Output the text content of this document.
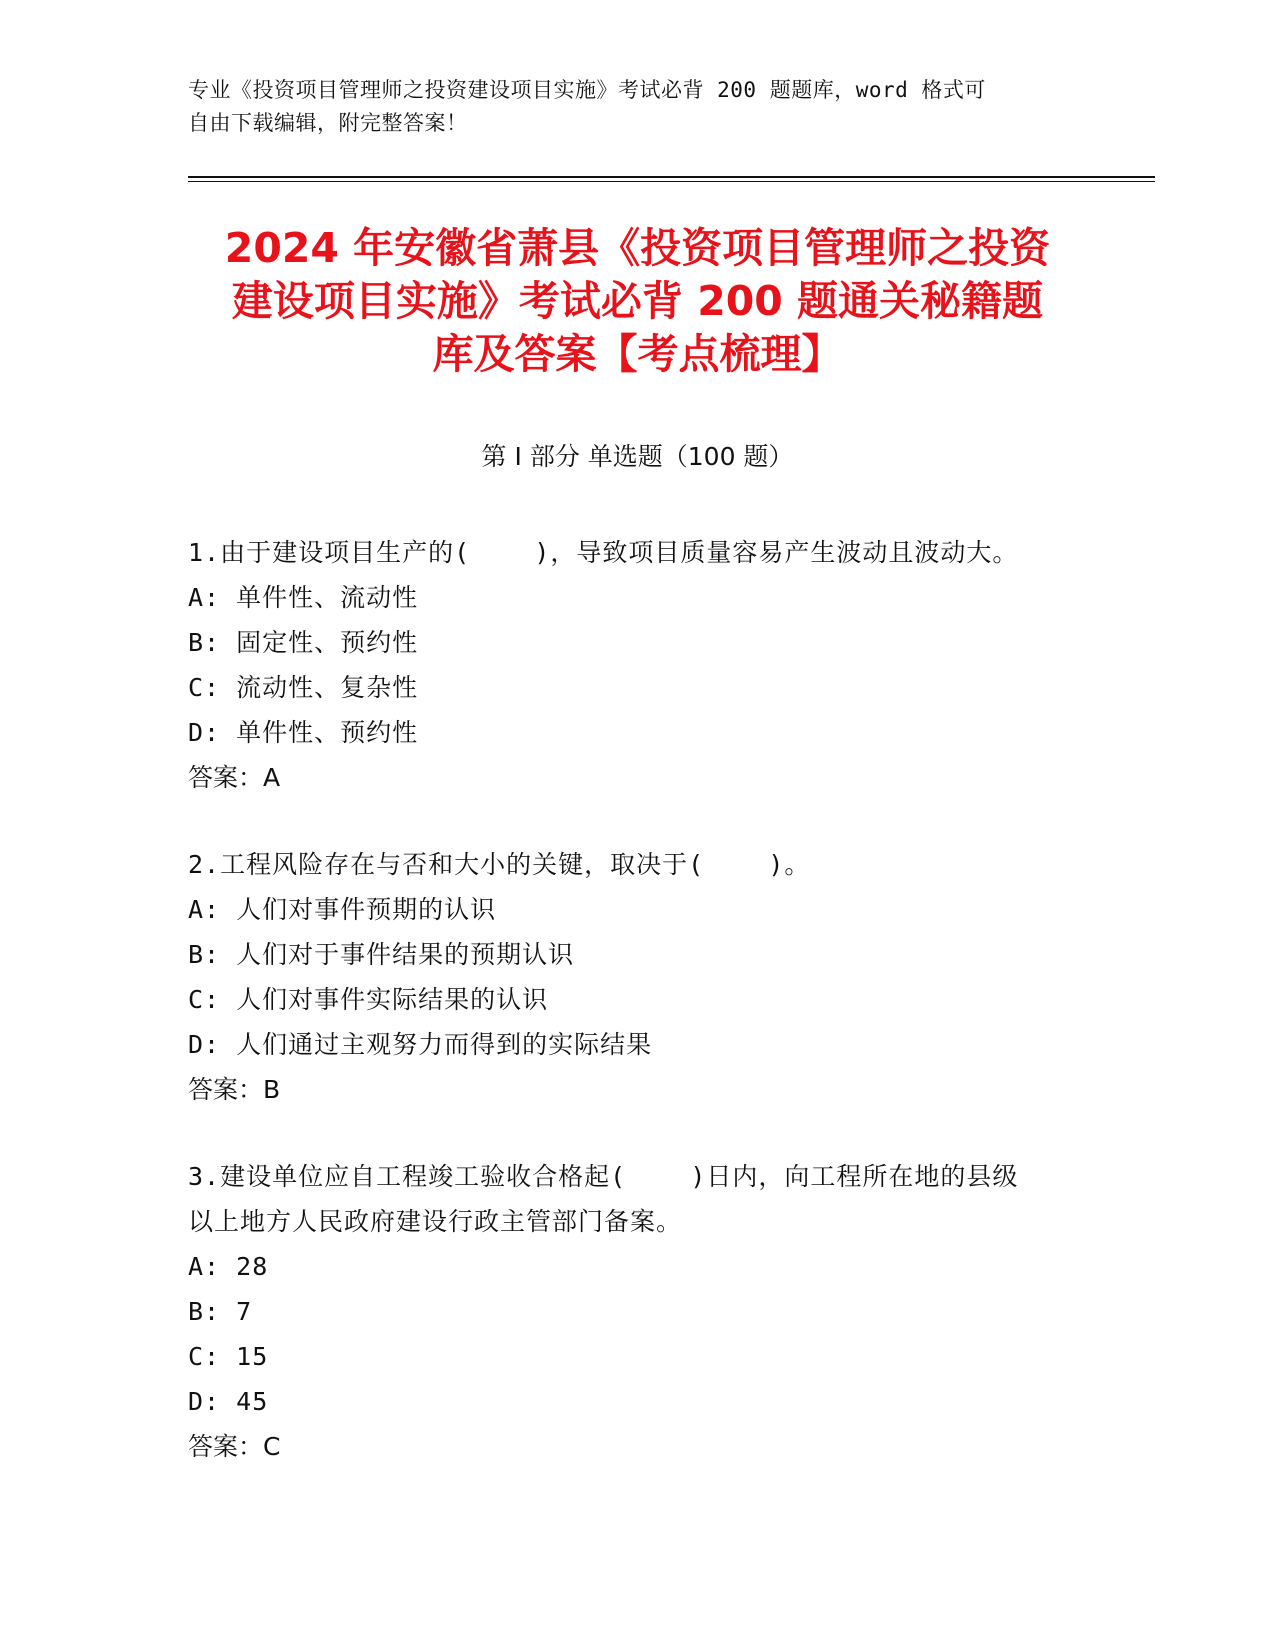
专业《投资项目管理师之投资建设项目实施》考试必背 200 题题库，word 格式可
自由下载编辑，附完整答案！
2024 年安徽省萧县《投资项目管理师之投资
建设项目实施》考试必背 200 题通关秘籍题
库及答案【考点梳理】
第 I 部分 单选题（100 题）
1.由于建设项目生产的(    )，导致项目质量容易产生波动且波动大。
A: 单件性、流动性
B: 固定性、预约性
C: 流动性、复杂性
D: 单件性、预约性
答案：A
2.工程风险存在与否和大小的关键，取决于(    )。
A: 人们对事件预期的认识
B: 人们对于事件结果的预期认识
C: 人们对事件实际结果的认识
D: 人们通过主观努力而得到的实际结果
答案：B
3.建设单位应自工程竣工验收合格起(    )日内，向工程所在地的县级
以上地方人民政府建设行政主管部门备案。
A: 28
B: 7
C: 15
D: 45
答案：C
